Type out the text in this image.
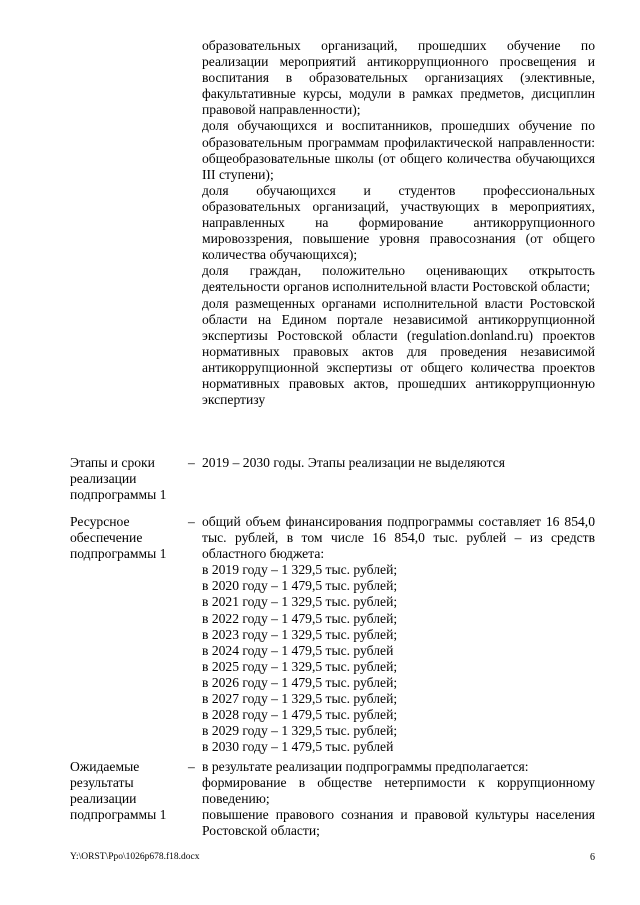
образовательных организаций, прошедших обучение по реализации мероприятий антикоррупционного просвещения и воспитания в образовательных организациях (элективные, факультативные курсы, модули в рамках предметов, дисциплин правовой направленности);
доля обучающихся и воспитанников, прошедших обучение по образовательным программам профилактической направленности: общеобразовательные школы (от общего количества обучающихся III ступени);
доля обучающихся и студентов профессиональных образовательных организаций, участвующих в мероприятиях, направленных на формирование антикоррупционного мировоззрения, повышение уровня правосознания (от общего количества обучающихся);
доля граждан, положительно оценивающих открытость деятельности органов исполнительной власти Ростовской области;
доля размещенных органами исполнительной власти Ростовской области на Едином портале независимой антикоррупционной экспертизы Ростовской области (regulation.donland.ru) проектов нормативных правовых актов для проведения независимой антикоррупционной экспертизы от общего количества проектов нормативных правовых актов, прошедших антикоррупционную экспертизу
Этапы и сроки реализации подпрограммы 1
– 2019 – 2030 годы. Этапы реализации не выделяются
Ресурсное обеспечение подпрограммы 1
– общий объем финансирования подпрограммы составляет 16 854,0 тыс. рублей, в том числе 16 854,0 тыс. рублей – из средств областного бюджета:
в 2019 году – 1 329,5 тыс. рублей;
в 2020 году – 1 479,5 тыс. рублей;
в 2021 году – 1 329,5 тыс. рублей;
в 2022 году – 1 479,5 тыс. рублей;
в 2023 году – 1 329,5 тыс. рублей;
в 2024 году – 1 479,5 тыс. рублей
в 2025 году – 1 329,5 тыс. рублей;
в 2026 году – 1 479,5 тыс. рублей;
в 2027 году – 1 329,5 тыс. рублей;
в 2028 году – 1 479,5 тыс. рублей;
в 2029 году – 1 329,5 тыс. рублей;
в 2030 году – 1 479,5 тыс. рублей
Ожидаемые результаты реализации подпрограммы 1
– в результате реализации подпрограммы предполагается:
формирование в обществе нетерпимости к коррупционному поведению;
повышение правового сознания и правовой культуры населения Ростовской области;
Y:\ORST\Ppo\1026p678.f18.docx	6
